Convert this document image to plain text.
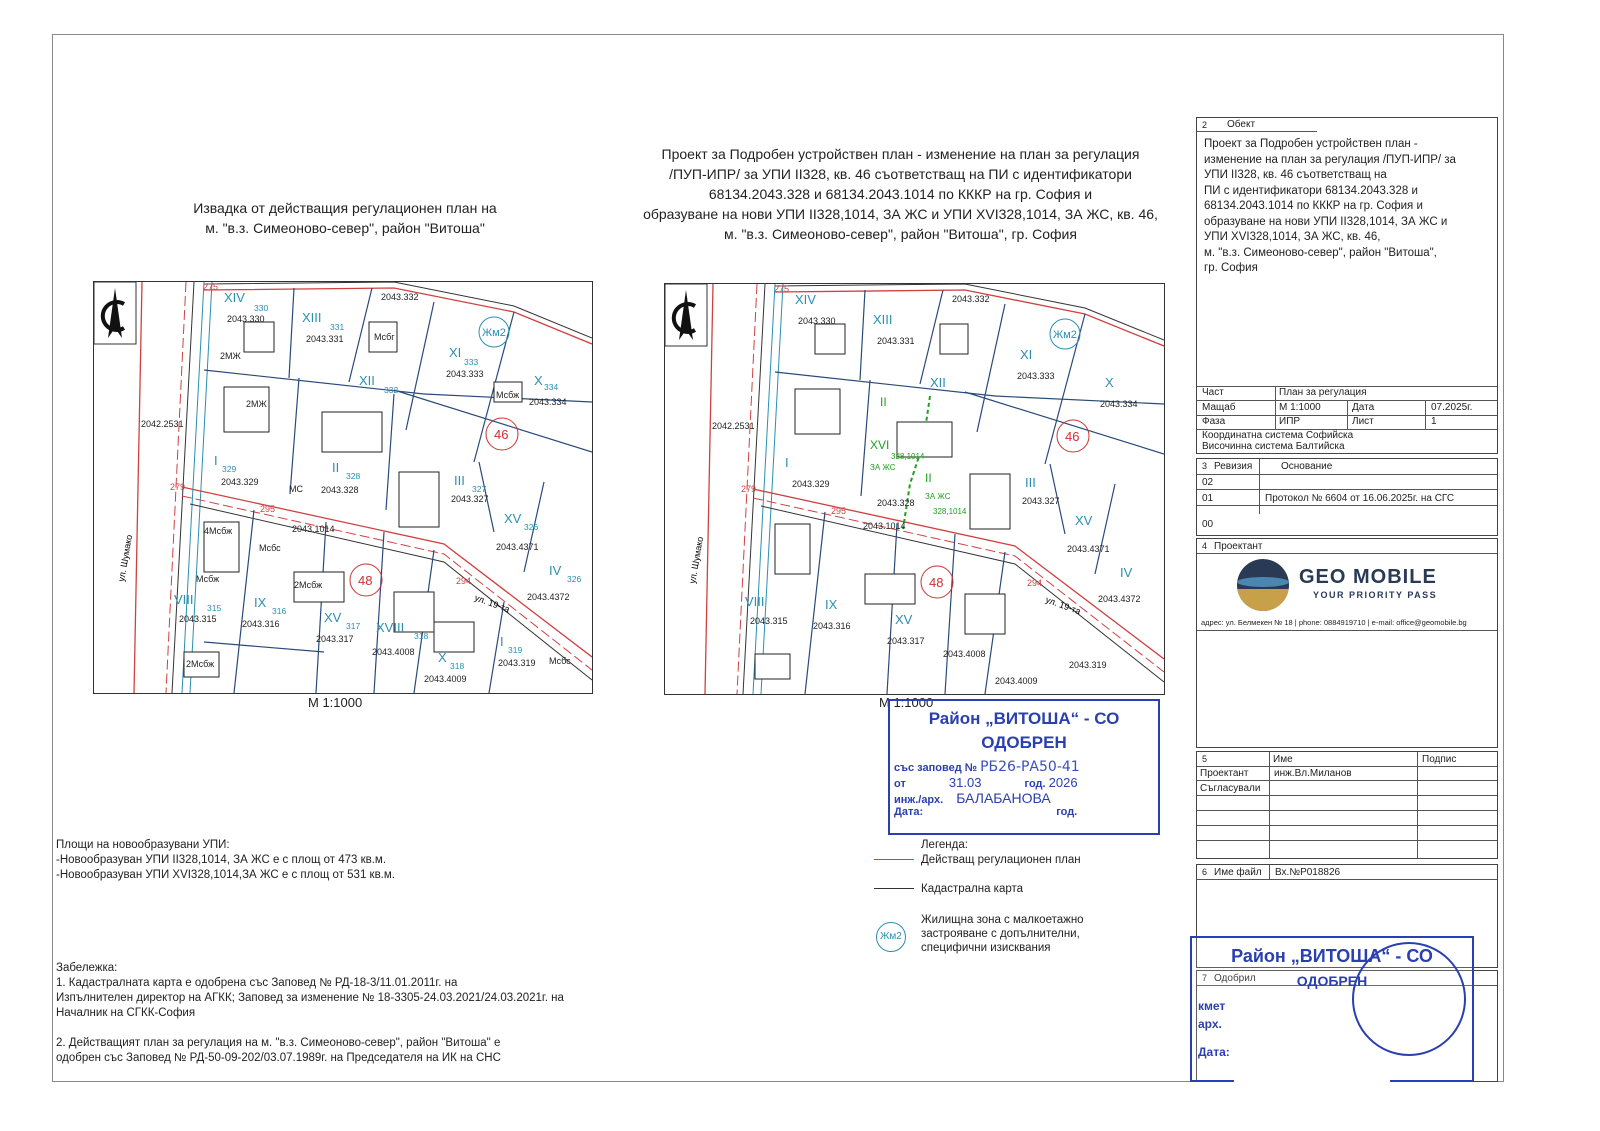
Извадка от действащия регулационен план на
м. "в.з. Симеоново-север", район "Витоша"
Проект за Подробен устройствен план - изменение на план за регулация
/ПУП-ИПР/ за УПИ II328, кв. 46 съответстващ на ПИ с идентификатори
68134.2043.328 и 68134.2043.1014 по КККР на гр. София и
образуване на нови УПИ II328,1014, ЗА ЖС и УПИ XVI328,1014, ЗА ЖС, кв. 46,
м. "в.з. Симеоново-север", район "Витоша", гр. София
2043.332
2043.330
2043.331
2043.333
2043.334
2043.329
2043.328
2043.327
2043.4371
2043.4372
2043.315	2043.316
2043.317
2043.4008
2043.4009
2043.319
2042.2531
2043.1014
2МЖ
Мсбг
Мсбж
МС
4Мсбж
Мсбс
2Мсбж
Мсбж
2МЖ
2Мсбж	Мсбс
275
279
295
294
XIV
XIII
XI
XII	X
I	II
III
XV
IV
VIII	IX
XV
XVIII
X
I
Жм2
330
331
333
332	334
329
328
327
326
326
315	316
317
318
318
319
46
48
ул. Шумако
ул. 19-та
М 1:1000
2043.332
2043.330
2043.331
2043.333
2043.334
2043.329
2043.328	2043.327
2043.4371
2043.4372
2043.315	2043.316
2043.317
2043.4008
2043.4009
2043.319
2042.2531
2043.1014
275
279
295
294
XIV
XIII
XI
XII	X
I
III
XV
IV
VIII	IX
XV
Жм2
II
XVI
II
328,1014
328,1014
ЗА ЖС
ЗА ЖС
46
48
ул. Шумако
ул. 19-та
М 1:1000
Район „ВИТОША“ - СО
ОДОБРЕН
със заповед № РБ26-РА50-41
от	31.03	год. 2026
инж./арх. БАЛАБАНОВА
Дата:	год.
Площи на новообразувани УПИ:
-Новообразуван УПИ II328,1014, ЗА ЖС е с площ от 473 кв.м.
-Новообразуван УПИ XVI328,1014,ЗА ЖС е с площ от 531 кв.м.
Легенда:
Действащ регулационен план
Кадастрална карта
Жм2
Жилищна зона с малкоетажно
застрояване с допълнителни,
специфични изисквания
Забележка:
1. Кадастралната карта е одобрена със Заповед № РД-18-3/11.01.2011г. на
Изпълнителен директор на АГКК; Заповед за изменение № 18-3305-24.03.2021/24.03.2021г. на
Началник на СГКК-София
2. Действащият план за регулация на м. "в.з. Симеоново-север", район "Витоша" е
одобрен със Заповед № РД-50-09-202/03.07.1989г. на Председателя на ИК на СНС
2 Обект
Проект за Подробен устройствен план -
изменение на план за регулация /ПУП-ИПР/ за
УПИ II328, кв. 46 съответстващ на
ПИ с идентификатори 68134.2043.328 и
68134.2043.1014 по КККР на гр. София и
образуване на нови УПИ II328,1014, ЗА ЖС и
УПИ XVI328,1014, ЗА ЖС, кв. 46,
м. "в.з. Симеоново-север", район "Витоша",
гр. София
Част	План за регулация
Мащаб	М 1:1000	Дата	07.2025г.
Фаза	ИПР	Лист	1
Координатна система Софийска
Височинна система Балтийска
3 Ревизия	Основание
02
01	Протокол № 6604 от 16.06.2025г. на СГС
00
4 Проектант
GEO MOBILE
YOUR PRIORITY PASS
адрес: ул. Белмекен № 18 | phone: 0884919710 | e-mail: office@geomobile.bg
5	Име	Подпис
Проектант	инж.Вл.Миланов
Съгласували
6 Име файл Вх.№Р018826
7 Одобрил
Район „ВИТОША“ - СО
ОДОБРЕН
кмет
арх.
Дата:
